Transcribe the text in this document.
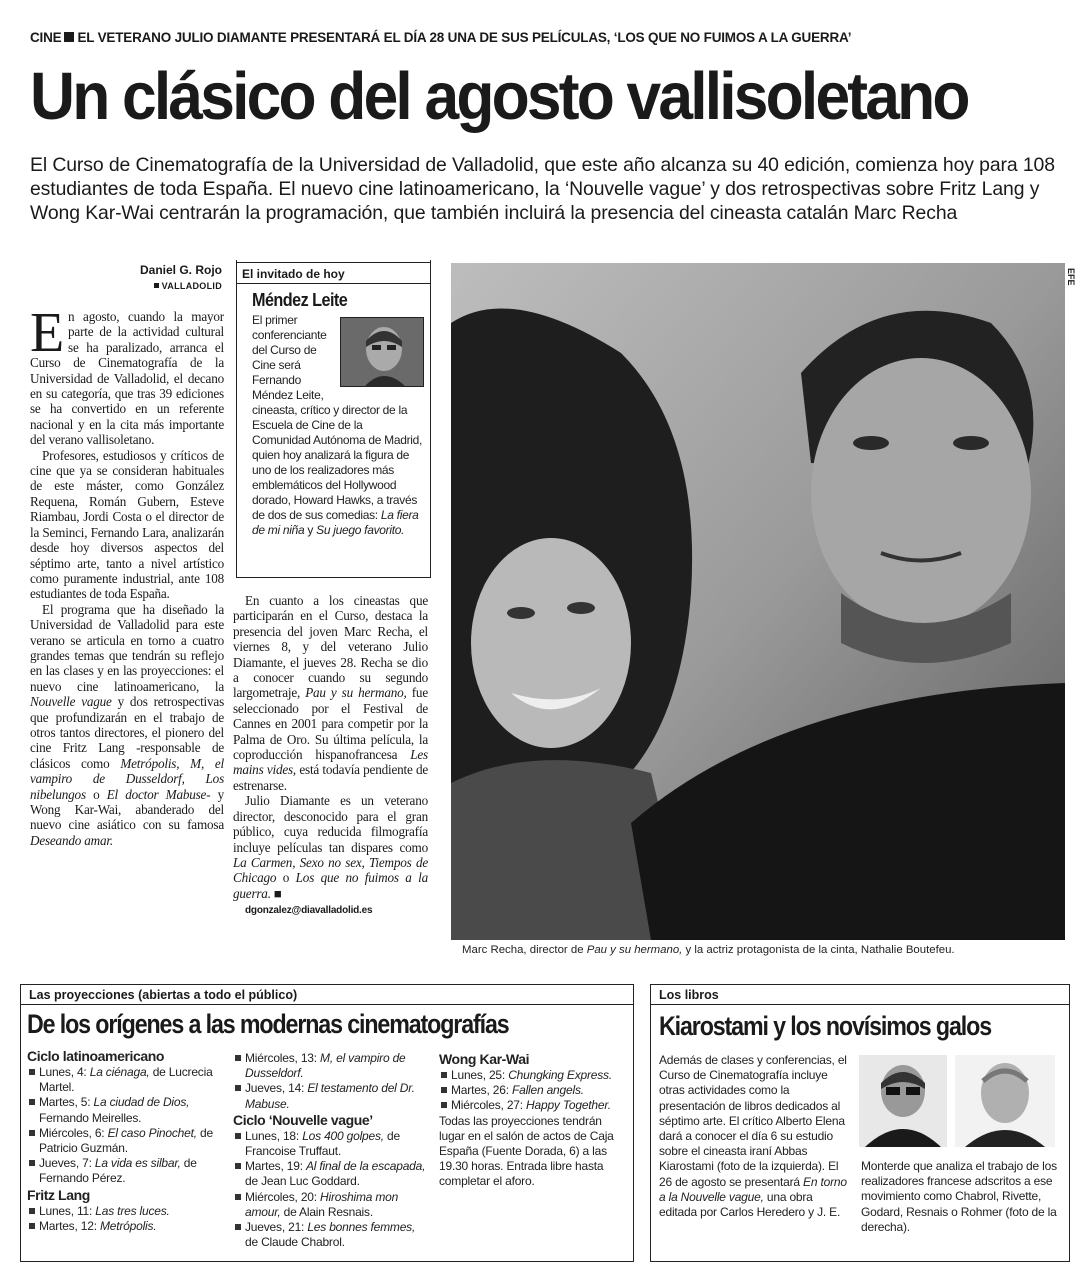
CINE EL VETERANO JULIO DIAMANTE PRESENTARÁ EL DÍA 28 UNA DE SUS PELÍCULAS, ‘LOS QUE NO FUIMOS A LA GUERRA’
Un clásico del agosto vallisoletano
El Curso de Cinematografía de la Universidad de Valladolid, que este año alcanza su 40 edición, comienza hoy para 108 estudiantes de toda España. El nuevo cine latinoamericano, la ‘Nouvelle vague’ y dos retrospectivas sobre Fritz Lang y Wong Kar-Wai centrarán la programación, que también incluirá la presencia del cineasta catalán Marc Recha
Daniel G. Rojo
VALLADOLID

En agosto, cuando la mayor parte de la actividad cultural se ha paralizado, arranca el Curso de Cinematografía de la Universidad de Valladolid, el decano en su categoría, que tras 39 ediciones se ha convertido en un referente nacional y en la cita más importante del verano vallisoletano.

Profesores, estudiosos y críticos de cine que ya se consideran habituales de este máster, como González Requena, Román Gubern, Esteve Riambau, Jordi Costa o el director de la Seminci, Fernando Lara, analizarán desde hoy diversos aspectos del séptimo arte, tanto a nivel artístico como puramente industrial, ante 108 estudiantes de toda España.

El programa que ha diseñado la Universidad de Valladolid para este verano se articula en torno a cuatro grandes temas que tendrán su reflejo en las clases y en las proyecciones: el nuevo cine latinoamericano, la Nouvelle vague y dos retrospectivas que profundizarán en el trabajo de otros tantos directores, el pionero del cine Fritz Lang -responsable de clásicos como Metrópolis, M, el vampiro de Dusseldorf, Los nibelungos o El doctor Mabuse- y Wong Kar-Wai, abanderado del nuevo cine asiático con su famosa Deseando amar.

El invitado de hoy
Méndez Leite
El primer conferenciante del Curso de Cine será Fernando Méndez Leite, cineasta, crítico y director de la Escuela de Cine de la Comunidad Autónoma de Madrid, quien hoy analizará la figura de uno de los realizadores más emblemáticos del Hollywood dorado, Howard Hawks, a través de dos de sus comedias: La fiera de mi niña y Su juego favorito.

En cuanto a los cineastas que participarán en el Curso, destaca la presencia del joven Marc Recha, el viernes 8, y del veterano Julio Diamante, el jueves 28. Recha se dio a conocer cuando su segundo largometraje, Pau y su hermano, fue seleccionado por el Festival de Cannes en 2001 para competir por la Palma de Oro. Su última película, la coproducción hispanofrancesa Les mains vides, está todavía pendiente de estrenarse.

Julio Diamante es un veterano director, desconocido para el gran público, cuya reducida filmografía incluye películas tan dispares como La Carmen, Sexo no sex, Tiempos de Chicago o Los que no fuimos a la guerra. ■

dgonzalez@diavalladolid.es

EFE
Marc Recha, director de Pau y su hermano, y la actriz protagonista de la cinta, Nathalie Boutefeu.
Las proyecciones (abiertas a todo el público)
De los orígenes a las modernas cinematografías
Ciclo latinoamericano
Lunes, 4: La ciénaga, de Lucrecia Martel.
Martes, 5: La ciudad de Dios, Fernando Meirelles.
Miércoles, 6: El caso Pinochet, de Patricio Guzmán.
Jueves, 7: La vida es silbar, de Fernando Pérez.
Fritz Lang
Lunes, 11: Las tres luces.
Martes, 12: Metrópolis.
Miércoles, 13: M, el vampiro de Dusseldorf.
Jueves, 14: El testamento del Dr. Mabuse.
Ciclo ‘Nouvelle vague’
Lunes, 18: Los 400 golpes, de Francoise Truffaut.
Martes, 19: Al final de la escapada, de Jean Luc Goddard.
Miércoles, 20: Hiroshima mon amour, de Alain Resnais.
Jueves, 21: Les bonnes femmes, de Claude Chabrol.
Wong Kar-Wai
Lunes, 25: Chungking Express.
Martes, 26: Fallen angels.
Miércoles, 27: Happy Together.
Todas las proyecciones tendrán lugar en el salón de actos de Caja España (Fuente Dorada, 6) a las 19.30 horas. Entrada libre hasta completar el aforo.
Los libros
Kiarostami y los novísimos galos
Además de clases y conferencias, el Curso de Cinematografía incluye otras actividades como la presentación de libros dedicados al séptimo arte. El crítico Alberto Elena dará a conocer el día 6 su estudio sobre el cineasta iraní Abbas Kiarostami (foto de la izquierda). El 26 de agosto se presentará En torno a la Nouvelle vague, una obra editada por Carlos Heredero y J. E.
Monterde que analiza el trabajo de los realizadores francese adscritos a ese movimiento como Chabrol, Rivette, Godard, Resnais o Rohmer (foto de la derecha).
